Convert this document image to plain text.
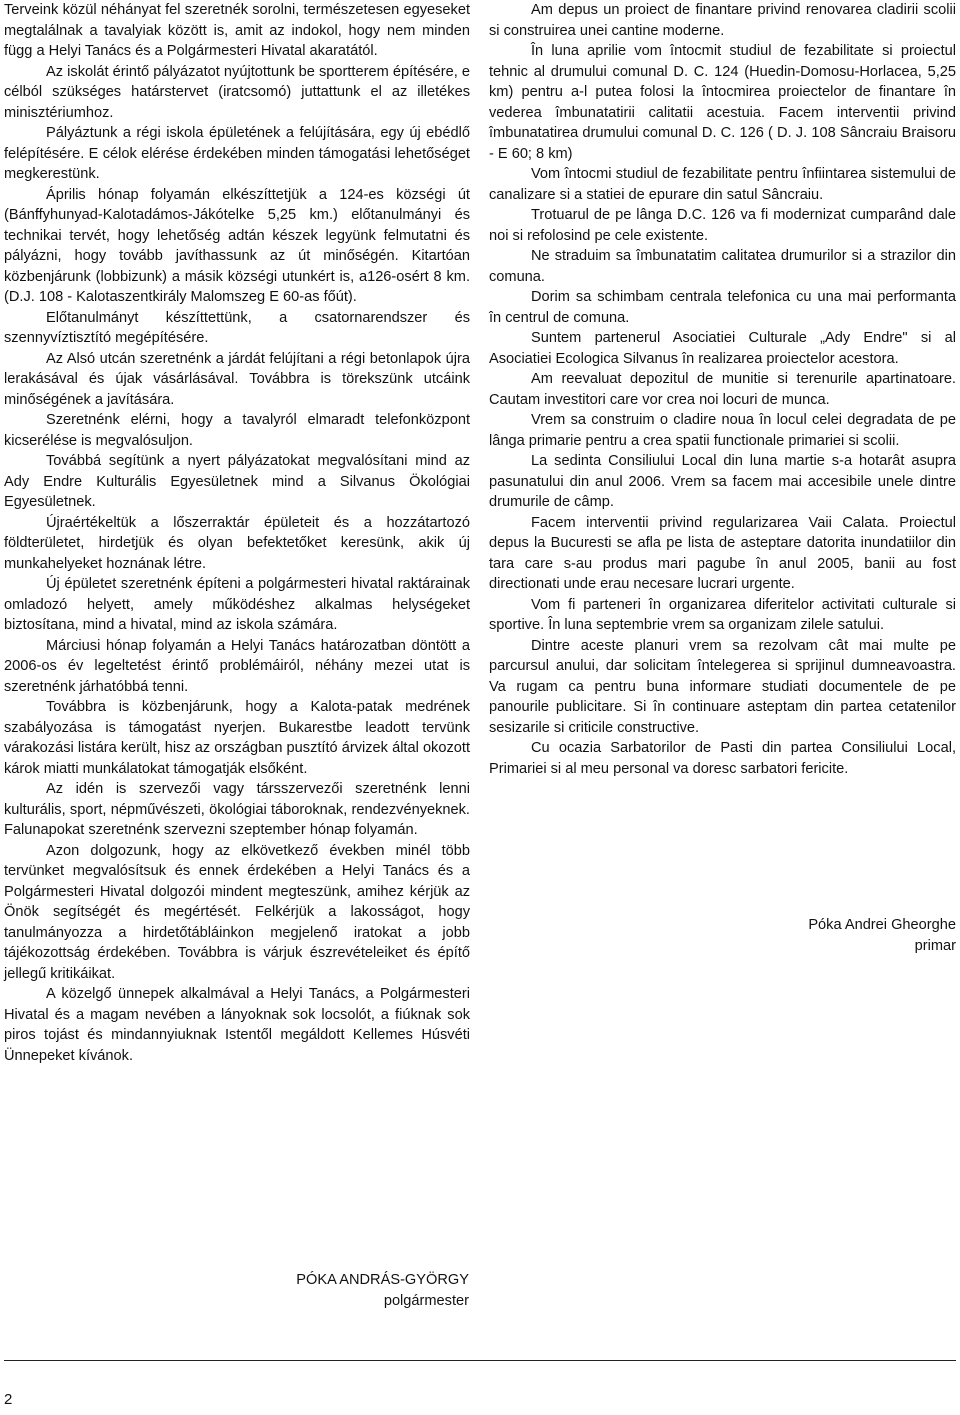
Terveink közül néhányat fel szeretnék sorolni, természetesen egyeseket megtalálnak a tavalyiak között is, amit az indokol, hogy nem minden függ a Helyi Tanács és a Polgármesteri Hivatal akaratától.

Az iskolát érintő pályázatot nyújtottunk be sportterem építésére, e célból szükséges határstervet (iratcsomó) juttattunk el az illetékes minisztériumhoz.

Pályáztunk a régi iskola épületének a felújítására, egy új ebédlő felépítésére. E célok elérése érdekében minden támogatási lehetőséget megkerestünk.

Április hónap folyamán elkészíttetjük a 124-es községi út (Bánffyhunyad-Kalotadámos-Jákótelke 5,25 km.) előtanulmányi és technikai tervét, hogy lehetőség adtán készek legyünk felmutatni és pályázni, hogy tovább javíthassunk az út minőségén. Kitartóan közbenjárunk (lobbizunk) a másik községi utunkért is, a126-osért 8 km. (D.J. 108 - Kalotaszentkirály Malomszeg E 60-as főút).

Előtanulmányt készíttettünk, a csatornarendszer és szennyvíztisztító megépítésére.

Az Alsó utcán szeretnénk a járdát felújítani a régi betonlapok újra lerakásával és újak vásárlásával. Továbbra is törekszünk utcáink minőségének a javítására.

Szeretnénk elérni, hogy a tavalyról elmaradt telefonközpont kicserélése is megvalósuljon.

Továbbá segítünk a nyert pályázatokat megvalósítani mind az Ady Endre Kulturális Egyesületnek mind a Silvanus Ökológiai Egyesületnek.

Újraértékeltük a lőszerraktár épületeit és a hozzátartozó földterületet, hirdetjük és olyan befektetőket keresünk, akik új munkahelyeket hoznának létre.

Új épületet szeretnénk építeni a polgármesteri hivatal raktárainak omladozó helyett, amely működéshez alkalmas helységeket biztosítana, mind a hivatal, mind az iskola számára.

Márciusi hónap folyamán a Helyi Tanács határozatban döntött a 2006-os év legeltetést érintő problémáiról, néhány mezei utat is szeretnénk járhatóbbá tenni.

Továbbra is közbenjárunk, hogy a Kalota-patak medrének szabályozása is támogatást nyerjen. Bukarestbe leadott tervünk várakozási listára került, hisz az országban pusztító árvizek által okozott károk miatti munkálatokat támogatják elsőként.

Az idén is szervezői vagy társszervezői szeretnénk lenni kulturális, sport, népművészeti, ökológiai táboroknak, rendezvényeknek. Falunapokat szeretnénk szervezni szeptember hónap folyamán.

Azon dolgozunk, hogy az elkövetkező években minél több tervünket megvalósítsuk és ennek érdekében a Helyi Tanács és a Polgármesteri Hivatal dolgozói mindent megteszünk, amihez kérjük az Önök segítségét és megértését. Felkérjük a lakosságot, hogy tanulmányozza a hirdetőtábláinkon megjelenő iratokat a jobb tájékozottság érdekében. Továbbra is várjuk észrevételeiket és építő jellegű kritikáikat.

A közelgő ünnepek alkalmával a Helyi Tanács, a Polgármesteri Hivatal és a magam nevében a lányoknak sok locsolót, a fiúknak sok piros tojást és mindannyiuknak Istentől megáldott Kellemes Húsvéti Ünnepeket kívánok.

PÓKA ANDRÁS-GYÖRGY
polgármester

Am depus un proiect de finantare privind renovarea cladirii scolii si construirea unei cantine moderne.

În luna aprilie vom întocmit studiul de fezabilitate si proiectul tehnic al drumului comunal D. C. 124 (Huedin-Domosu-Horlacea, 5,25 km) pentru a-l putea folosi la întocmirea proiectelor de finantare în vederea îmbunatatirii calitatii acestuia. Facem interventii privind îmbunatatirea drumului comunal D. C. 126 ( D. J. 108 Sâncraiu Braisoru - E 60; 8 km)

Vom întocmi studiul de fezabilitate pentru înfiintarea sistemului de canalizare si a statiei de epurare din satul Sâncraiu.

Trotuarul de pe lânga D.C. 126 va fi modernizat cumparând dale noi si refolosind pe cele existente.

Ne straduim sa îmbunatatim calitatea drumurilor si a strazilor din comuna.

Dorim sa schimbam centrala telefonica cu una mai performanta în centrul de comuna.

Suntem partenerul Asociatiei Culturale „Ady Endre" si al Asociatiei Ecologica Silvanus în realizarea proiectelor acestora.

Am reevaluat depozitul de munitie si terenurile apartinatoare. Cautam investitori care vor crea noi locuri de munca.

Vrem sa construim o cladire noua în locul celei degradata de pe lânga primarie pentru a crea spatii functionale primariei si scolii.

La sedinta Consiliului Local din luna martie s-a hotarât asupra pasunatului din anul 2006. Vrem sa facem mai accesibile unele dintre drumurile de câmp.

Facem interventii privind regularizarea Vaii Calata. Proiectul depus la Bucuresti se afla pe lista de asteptare datorita inundatiilor din tara care s-au produs mari pagube în anul 2005, banii au fost directionati unde erau necesare lucrari urgente.

Vom fi parteneri în organizarea diferitelor activitati culturale si sportive. În luna septembrie vrem sa organizam zilele satului.

Dintre aceste planuri vrem sa rezolvam cât mai multe pe parcursul anului, dar solicitam întelegerea si sprijinul dumneavoastra. Va rugam ca pentru buna informare studiati documentele de pe panourile publicitare. Si în continuare asteptam din partea cetatenilor sesizarile si criticile constructive.

Cu ocazia Sarbatorilor de Pasti din partea Consiliului Local, Primariei si al meu personal va doresc sarbatori fericite.

Póka Andrei Gheorghe
primar
2
